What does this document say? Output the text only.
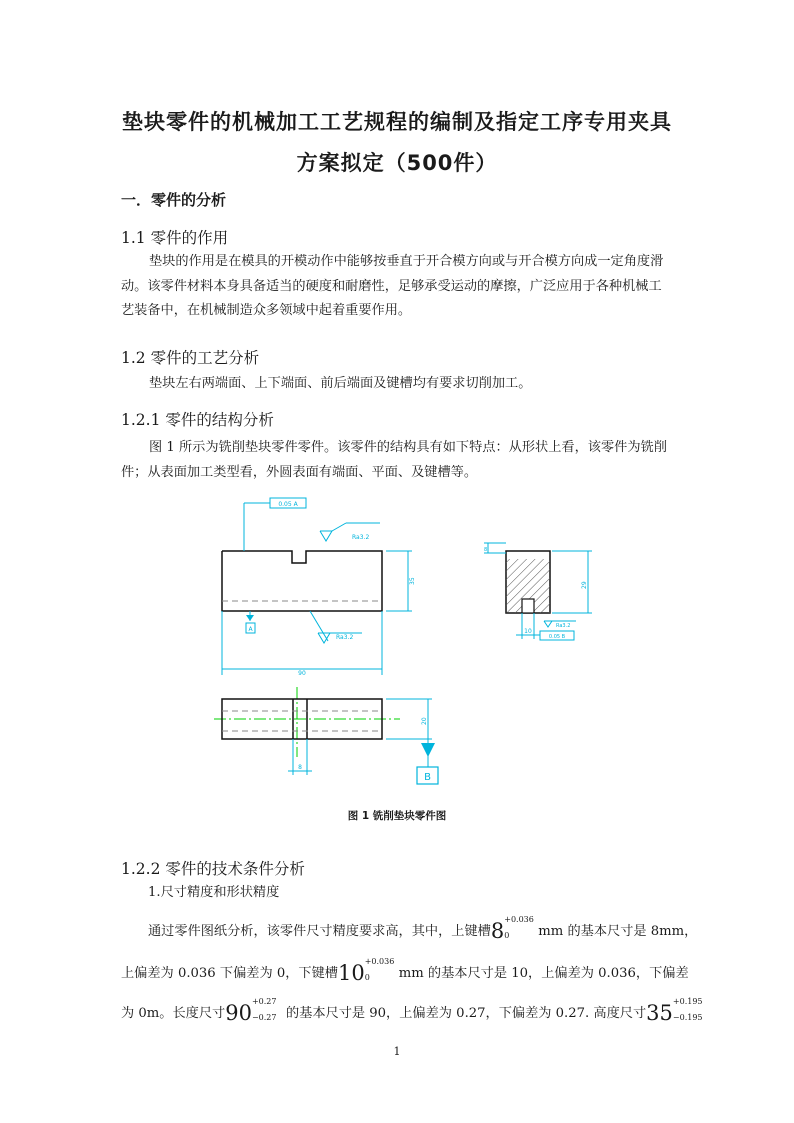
垫块零件的机械加工工艺规程的编制及指定工序专用夹具
方案拟定（500件）
一．零件的分析
1.1 零件的作用
垫块的作用是在模具的开模动作中能够按垂直于开合模方向或与开合模方向成一定角度滑动。该零件材料本身具备适当的硬度和耐磨性，足够承受运动的摩擦，广泛应用于各种机械工艺装备中，在机械制造众多领域中起着重要作用。
1.2 零件的工艺分析
垫块左右两端面、上下端面、前后端面及键槽均有要求切削加工。
1.2.1 零件的结构分析
图 1 所示为铣削垫块零件零件。该零件的结构具有如下特点：从形状上看，该零件为铣削件；从表面加工类型看，外圆表面有端面、平面、及键槽等。
0.05 A
Ra3.2
35
A
Ra3.2
90
8
29
10
Ra3.2
0.05 B
20
B
8
图 1 铣削垫块零件图
1.2.2 零件的技术条件分析
1.尺寸精度和形状精度
通过零件图纸分析，该零件尺寸精度要求高，其中，上键槽8 +0.036
0 mm 的基本尺寸是 8mm，
上偏差为 0.036 下偏差为 0，下键槽10 +0.036
0 mm 的基本尺寸是 10，上偏差为 0.036，下偏差
为 0m。长度尺寸90 +0.27
−0.27 的基本尺寸是 90，上偏差为 0.27，下偏差为 0.27. 高度尺寸35 +0.195
−0.195
1
